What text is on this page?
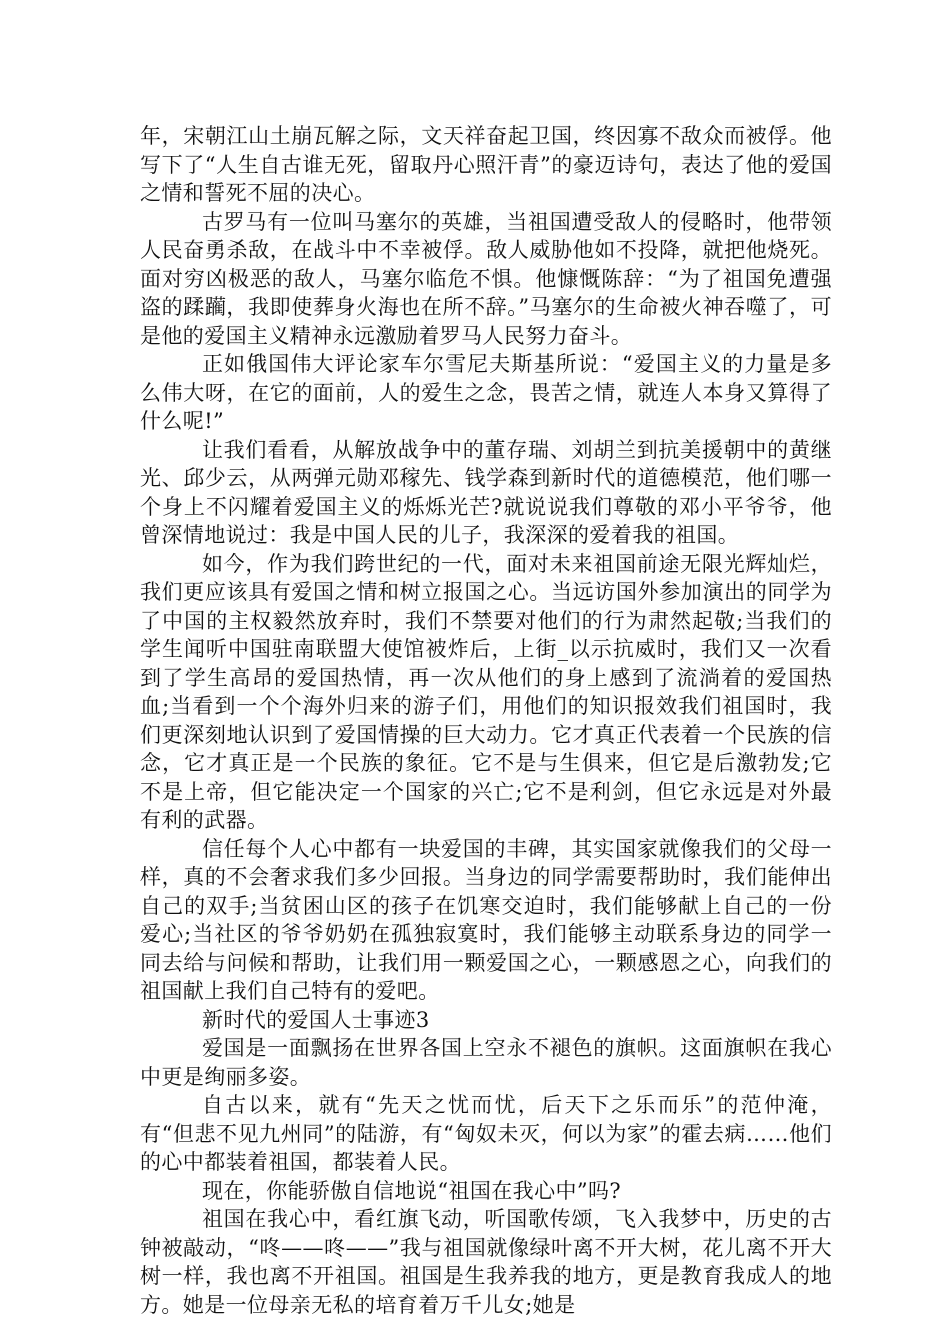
年，宋朝江山土崩瓦解之际，文天祥奋起卫国，终因寡不敌众而被俘。他写下了“人生自古谁无死，留取丹心照汗青”的豪迈诗句，表达了他的爱国之情和誓死不屈的决心。

古罗马有一位叫马塞尔的英雄，当祖国遭受敌人的侵略时，他带领人民奋勇杀敌，在战斗中不幸被俘。敌人威胁他如不投降，就把他烧死。面对穷凶极恶的敌人，马塞尔临危不惧。他慷慨陈辞：“为了祖国免遭强盗的蹂躏，我即使葬身火海也在所不辞。”马塞尔的生命被火神吞噬了，可是他的爱国主义精神永远激励着罗马人民努力奋斗。

正如俄国伟大评论家车尔雪尼夫斯基所说：“爱国主义的力量是多么伟大呀，在它的面前，人的爱生之念，畏苦之情，就连人本身又算得了什么呢!”

让我们看看，从解放战争中的董存瑞、刘胡兰到抗美援朝中的黄继光、邱少云，从两弹元勋邓稼先、钱学森到新时代的道德模范，他们哪一个身上不闪耀着爱国主义的烁烁光芒?就说说我们尊敬的邓小平爷爷，他曾深情地说过：我是中国人民的儿子，我深深的爱着我的祖国。

如今，作为我们跨世纪的一代，面对未来祖国前途无限光辉灿烂，我们更应该具有爱国之情和树立报国之心。当远访国外参加演出的同学为了中国的主权毅然放弃时，我们不禁要对他们的行为肃然起敬;当我们的学生闻听中国驻南联盟大使馆被炸后，上街_以示抗威时，我们又一次看到了学生高昂的爱国热情，再一次从他们的身上感到了流淌着的爱国热血;当看到一个个海外归来的游子们，用他们的知识报效我们祖国时，我们更深刻地认识到了爱国情操的巨大动力。它才真正代表着一个民族的信念，它才真正是一个民族的象征。它不是与生俱来，但它是后激勃发;它不是上帝，但它能决定一个国家的兴亡;它不是利剑，但它永远是对外最有利的武器。

信任每个人心中都有一块爱国的丰碑，其实国家就像我们的父母一样，真的不会奢求我们多少回报。当身边的同学需要帮助时，我们能伸出自己的双手;当贫困山区的孩子在饥寒交迫时，我们能够献上自己的一份爱心;当社区的爷爷奶奶在孤独寂寞时，我们能够主动联系身边的同学一同去给与问候和帮助，让我们用一颗爱国之心，一颗感恩之心，向我们的祖国献上我们自己特有的爱吧。

新时代的爱国人士事迹3

爱国是一面飘扬在世界各国上空永不褪色的旗帜。这面旗帜在我心中更是绚丽多姿。

自古以来，就有“先天之忧而忧，后天下之乐而乐”的范仲淹，有“但悲不见九州同”的陆游，有“匈奴未灭，何以为家”的霍去病……他们的心中都装着祖国，都装着人民。

现在，你能骄傲自信地说“祖国在我心中”吗?

祖国在我心中，看红旗飞动，听国歌传颂，飞入我梦中，历史的古钟被敲动，“咚——咚——”我与祖国就像绿叶离不开大树，花儿离不开大树一样，我也离不开祖国。祖国是生我养我的地方，更是教育我成人的地方。她是一位母亲无私的培育着万千儿女;她是
